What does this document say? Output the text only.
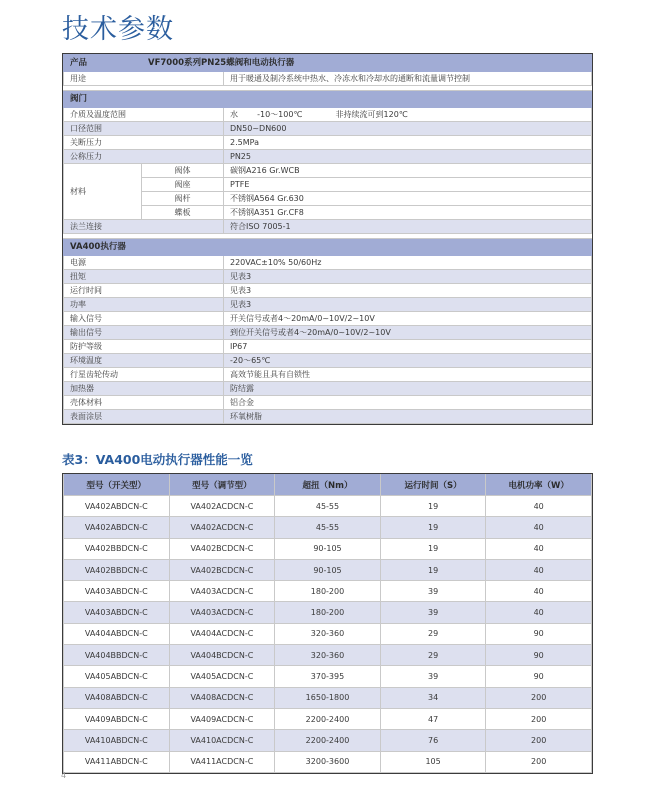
技术参数
产品	VF7000系列PN25蝶阀和电动执行器	
用途		用于暖通及制冷系统中热水、冷冻水和冷却水的通断和流量调节控制

阀门		
介质及温度范围		水 -10～100℃ 非持续流可到120℃
口径范围		DN50~DN600
关断压力		2.5MPa
公称压力		PN25
材料	阀体	碳钢A216 Gr.WCB
	阀座	PTFE
	阀杆	不锈钢A564 Gr.630
	蝶板	不锈钢A351 Gr.CF8
法兰连接		符合ISO 7005-1

VA400执行器		
电源		220VAC±10% 50/60Hz
扭矩		见表3
运行时间		见表3
功率		见表3
输入信号		开关信号或者4～20mA/0~10V/2~10V
输出信号		到位开关信号或者4～20mA/0~10V/2~10V
防护等级		IP67
环境温度		-20～65℃
行星齿轮传动		高效节能且具有自锁性
加热器		防结露
壳体材料		铝合金
表面涂层		环氧树脂
表3：VA400电动执行器性能一览
型号（开关型）	型号（调节型）	超扭（Nm）	运行时间（S）	电机功率（W）
VA402ABDCN-C	VA402ACDCN-C	45-55	19	40
VA402ABDCN-C	VA402ACDCN-C	45-55	19	40
VA402BBDCN-C	VA402BCDCN-C	90-105	19	40
VA402BBDCN-C	VA402BCDCN-C	90-105	19	40
VA403ABDCN-C	VA403ACDCN-C	180-200	39	40
VA403ABDCN-C	VA403ACDCN-C	180-200	39	40
VA404ABDCN-C	VA404ACDCN-C	320-360	29	90
VA404BBDCN-C	VA404BCDCN-C	320-360	29	90
VA405ABDCN-C	VA405ACDCN-C	370-395	39	90
VA408ABDCN-C	VA408ACDCN-C	1650-1800	34	200
VA409ABDCN-C	VA409ACDCN-C	2200-2400	47	200
VA410ABDCN-C	VA410ACDCN-C	2200-2400	76	200
VA411ABDCN-C	VA411ACDCN-C	3200-3600	105	200
4
